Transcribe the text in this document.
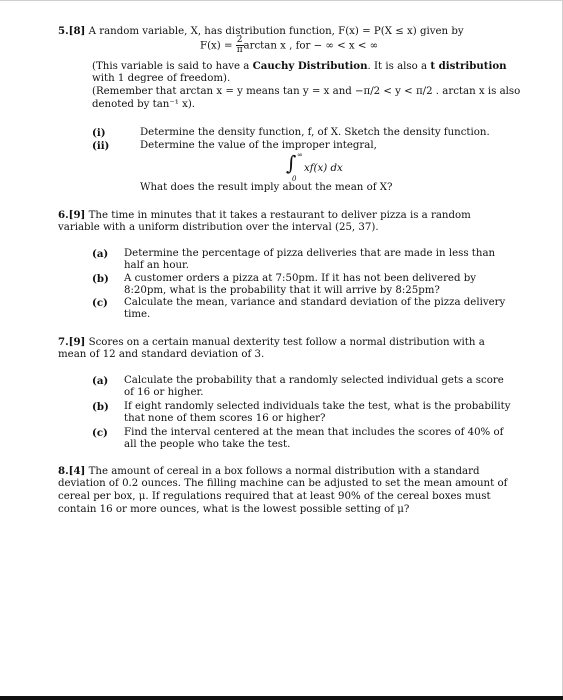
5.[8] A random variable, X, has distribution function, F(x) = P(X ≤ x) given by
$F(x) = \frac{2}{\pi}$ arctan x , for − ∞ < x < ∞
(This variable is said to have a Cauchy Distribution. It is also a t distribution
with 1 degree of freedom).
(Remember that arctan x = y means tan y = x and −π/2 < y < π/2 . arctan x is also
denoted by tan⁻¹ x).
(i)	Determine the density function, f, of X. Sketch the density function.
(ii)	Determine the value of the improper integral,
∫ ∞
0
xf(x) dx
What does the result imply about the mean of X?
6.[9] The time in minutes that it takes a restaurant to deliver pizza is a random
variable with a uniform distribution over the interval (25, 37).
(a) Determine the percentage of pizza deliveries that are made in less than
half an hour.
(b) A customer orders a pizza at 7:50pm. If it has not been delivered by
8:20pm, what is the probability that it will arrive by 8:25pm?
(c) Calculate the mean, variance and standard deviation of the pizza delivery
time.
7.[9] Scores on a certain manual dexterity test follow a normal distribution with a
mean of 12 and standard deviation of 3.
(a) Calculate the probability that a randomly selected individual gets a score
of 16 or higher.
(b) If eight randomly selected individuals take the test, what is the probability
that none of them scores 16 or higher?
(c) Find the interval centered at the mean that includes the scores of 40% of
all the people who take the test.
8.[4] The amount of cereal in a box follows a normal distribution with a standard
deviation of 0.2 ounces. The filling machine can be adjusted to set the mean amount of
cereal per box, μ. If regulations required that at least 90% of the cereal boxes must
contain 16 or more ounces, what is the lowest possible setting of μ?
